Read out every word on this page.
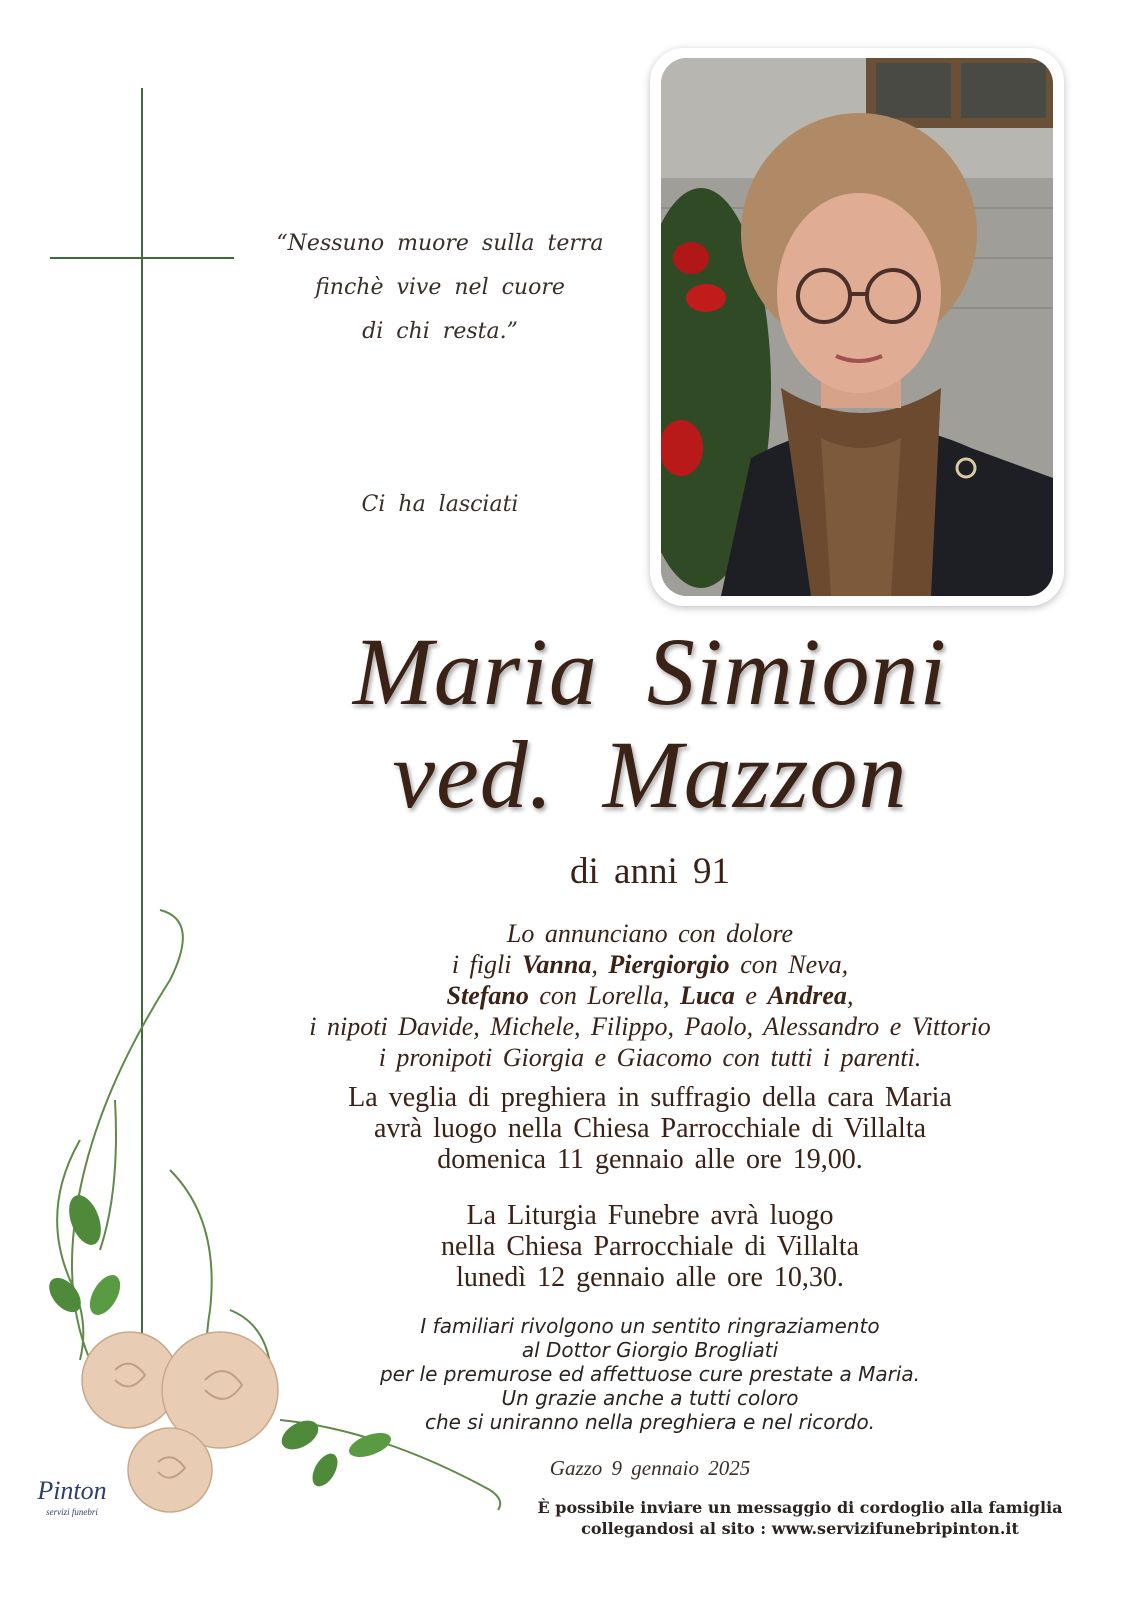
“Nessuno muore sulla terra
finchè vive nel cuore
di chi resta.”
Ci ha lasciati
Maria Simioni
ved. Mazzon
di anni 91
Lo annunciano con dolore
i figli Vanna, Piergiorgio con Neva,
Stefano con Lorella, Luca e Andrea,
i nipoti Davide, Michele, Filippo, Paolo, Alessandro e Vittorio
i pronipoti Giorgia e Giacomo con tutti i parenti.
La veglia di preghiera in suffragio della cara Maria
avrà luogo nella Chiesa Parrocchiale di Villalta
domenica 11 gennaio alle ore 19,00.
La Liturgia Funebre avrà luogo
nella Chiesa Parrocchiale di Villalta
lunedì 12 gennaio alle ore 10,30.
I familiari rivolgono un sentito ringraziamento
al Dottor Giorgio Brogliati
per le premurose ed affettuose cure prestate a Maria.
Un grazie anche a tutti coloro
che si uniranno nella preghiera e nel ricordo.
Gazzo 9 gennaio 2025
È possibile inviare un messaggio di cordoglio alla famiglia
collegandosi al sito : www.servizifunebripinton.it
Pinton
servizi funebri
